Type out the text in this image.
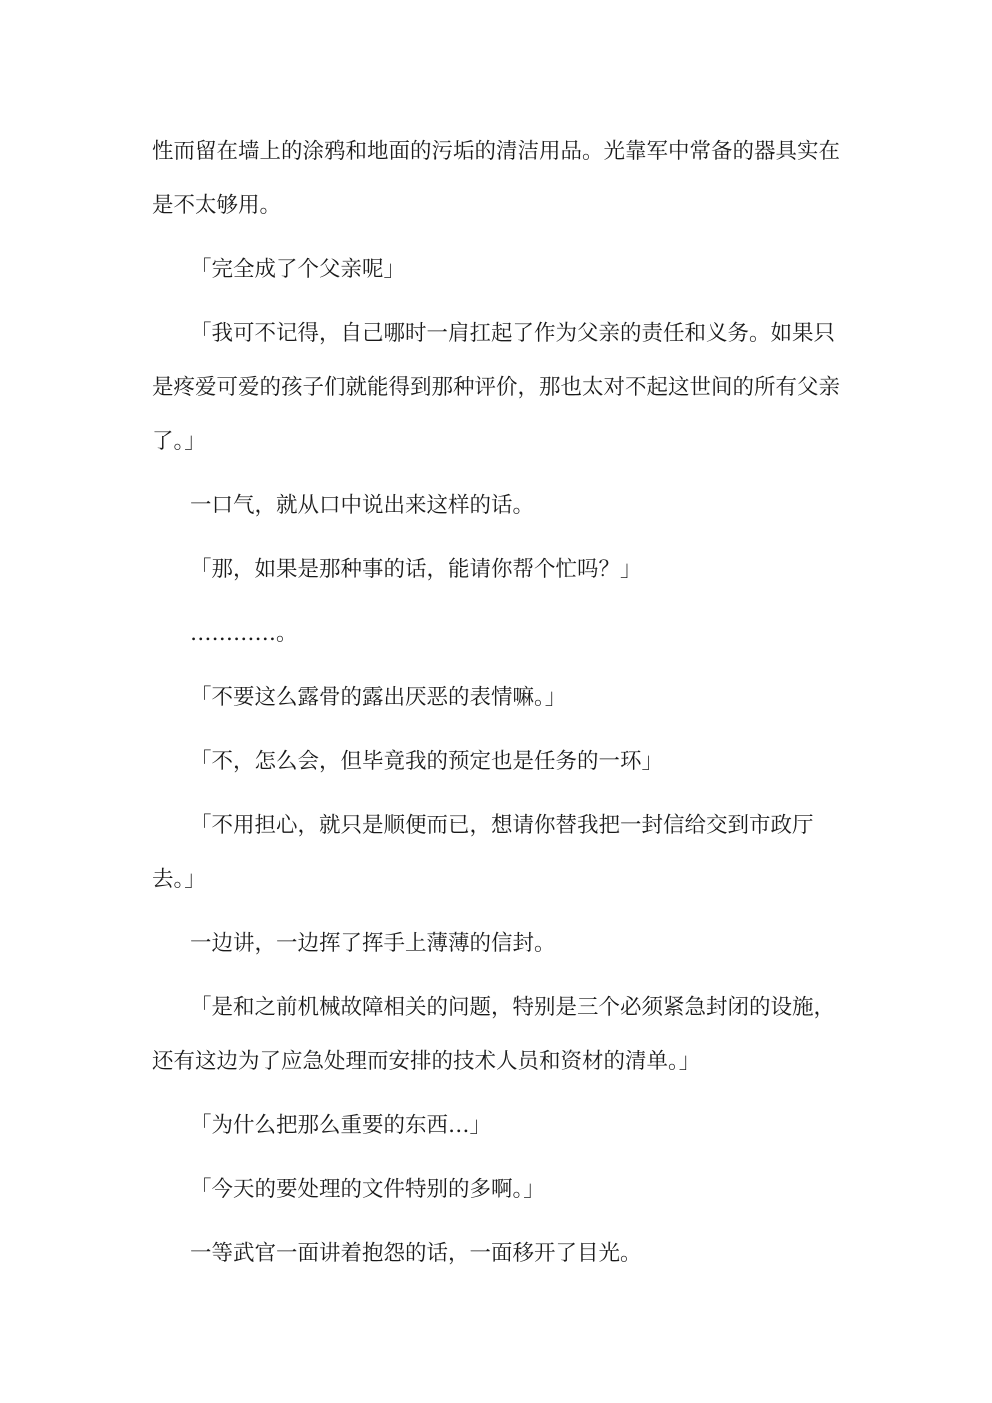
性而留在墙上的涂鸦和地面的污垢的清洁用品。光靠军中常备的器具实在是不太够用。

「完全成了个父亲呢」

「我可不记得，自己哪时一肩扛起了作为父亲的责任和义务。如果只是疼爱可爱的孩子们就能得到那种评价，那也太对不起这世间的所有父亲了。」

一口气，就从口中说出来这样的话。

「那，如果是那种事的话，能请你帮个忙吗？」

…………。

「不要这么露骨的露出厌恶的表情嘛。」

「不，怎么会，但毕竟我的预定也是任务的一环」

「不用担心，就只是顺便而已，想请你替我把一封信给交到市政厅去。」

一边讲，一边挥了挥手上薄薄的信封。

「是和之前机械故障相关的问题，特别是三个必须紧急封闭的设施，还有这边为了应急处理而安排的技术人员和资材的清单。」

「为什么把那么重要的东西…」

「今天的要处理的文件特别的多啊。」

一等武官一面讲着抱怨的话，一面移开了目光。
